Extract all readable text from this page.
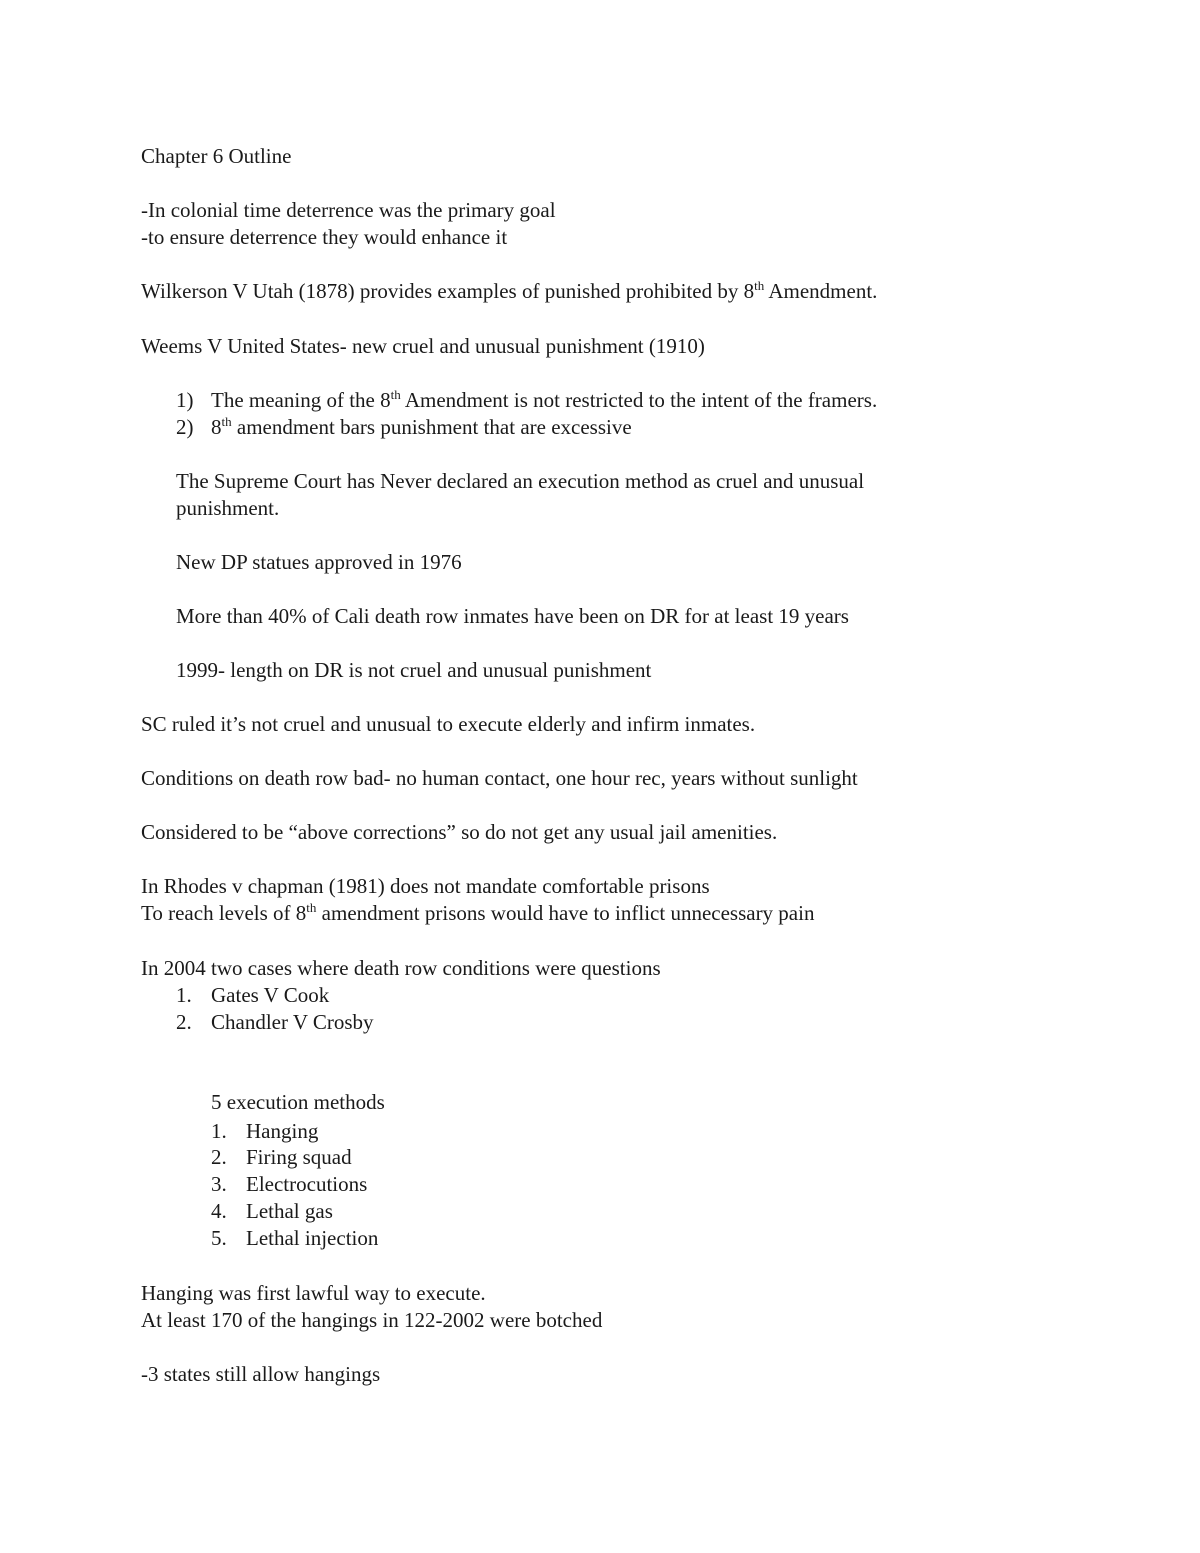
Chapter 6 Outline
-In colonial time deterrence was the primary goal
-to ensure deterrence they would enhance it
Wilkerson V Utah (1878) provides examples of punished prohibited by 8th Amendment.
Weems V United States- new cruel and unusual punishment (1910)
1) The meaning of the 8th Amendment is not restricted to the intent of the framers.
2) 8th amendment bars punishment that are excessive
The Supreme Court has Never declared an execution method as cruel and unusual
punishment.
New DP statues approved in 1976
More than 40% of Cali death row inmates have been on DR for at least 19 years
1999- length on DR is not cruel and unusual punishment
SC ruled it’s not cruel and unusual to execute elderly and infirm inmates.
Conditions on death row bad- no human contact, one hour rec, years without sunlight
Considered to be “above corrections” so do not get any usual jail amenities.
In Rhodes v chapman (1981) does not mandate comfortable prisons
To reach levels of 8th amendment prisons would have to inflict unnecessary pain
In 2004 two cases where death row conditions were questions
1. Gates V Cook
2. Chandler V Crosby
5 execution methods
1. Hanging
2. Firing squad
3. Electrocutions
4. Lethal gas
5. Lethal injection
Hanging was first lawful way to execute.
At least 170 of the hangings in 122-2002 were botched
-3 states still allow hangings
